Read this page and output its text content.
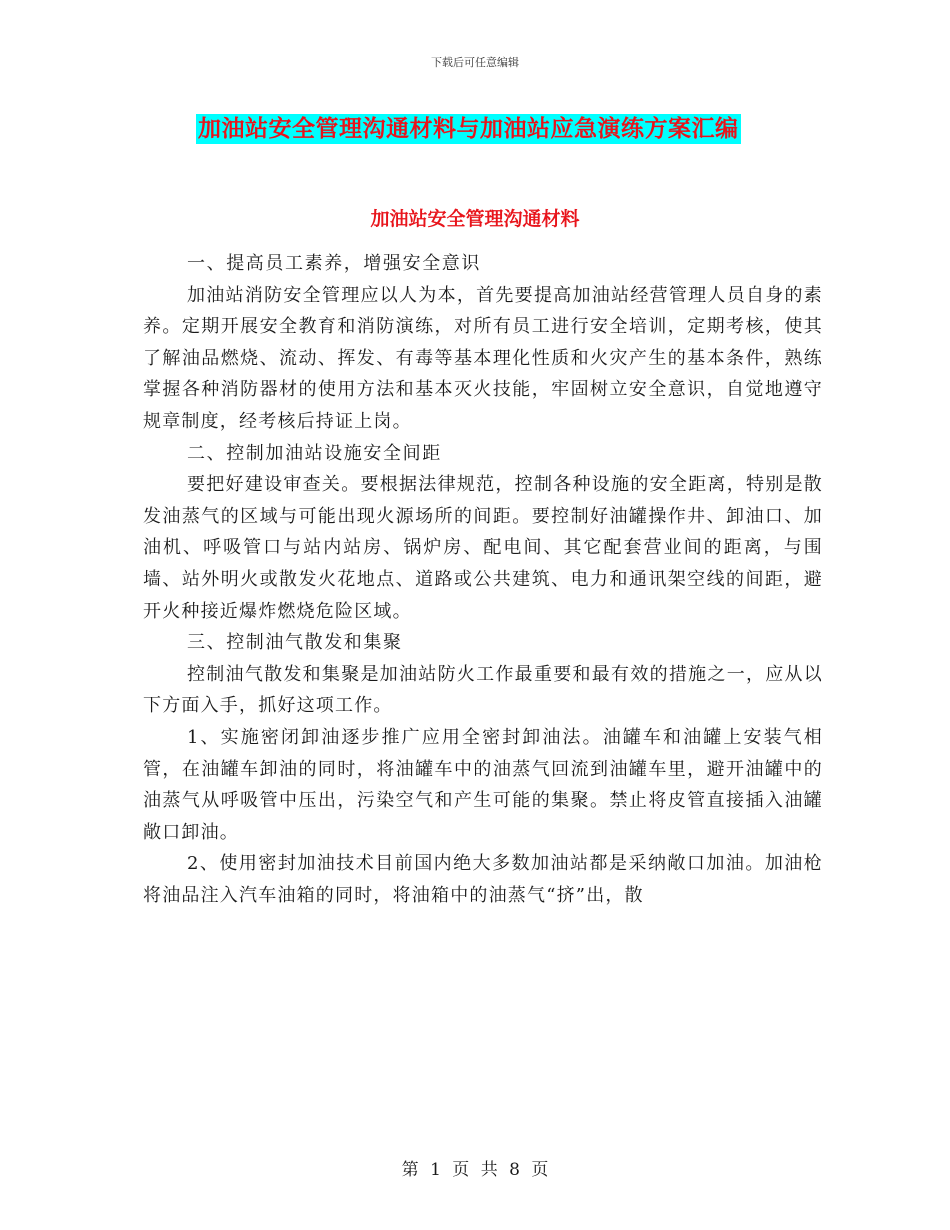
下载后可任意编辑
加油站安全管理沟通材料与加油站应急演练方案汇编
加油站安全管理沟通材料

一、提高员工素养，增强安全意识

加油站消防安全管理应以人为本，首先要提高加油站经营管理人员自身的素养。定期开展安全教育和消防演练，对所有员工进行安全培训，定期考核，使其了解油品燃烧、流动、挥发、有毒等基本理化性质和火灾产生的基本条件，熟练掌握各种消防器材的使用方法和基本灭火技能，牢固树立安全意识，自觉地遵守规章制度，经考核后持证上岗。

二、控制加油站设施安全间距

要把好建设审查关。要根据法律规范，控制各种设施的安全距离，特别是散发油蒸气的区域与可能出现火源场所的间距。要控制好油罐操作井、卸油口、加油机、呼吸管口与站内站房、锅炉房、配电间、其它配套营业间的距离，与围墙、站外明火或散发火花地点、道路或公共建筑、电力和通讯架空线的间距，避开火种接近爆炸燃烧危险区域。

三、控制油气散发和集聚

控制油气散发和集聚是加油站防火工作最重要和最有效的措施之一，应从以下方面入手，抓好这项工作。

1、实施密闭卸油逐步推广应用全密封卸油法。油罐车和油罐上安装气相管，在油罐车卸油的同时，将油罐车中的油蒸气回流到油罐车里，避开油罐中的油蒸气从呼吸管中压出，污染空气和产生可能的集聚。禁止将皮管直接插入油罐敞口卸油。

2、使用密封加油技术目前国内绝大多数加油站都是采纳敞口加油。加油枪将油品注入汽车油箱的同时，将油箱中的油蒸气“挤”出，散

第 1 页 共 8 页
